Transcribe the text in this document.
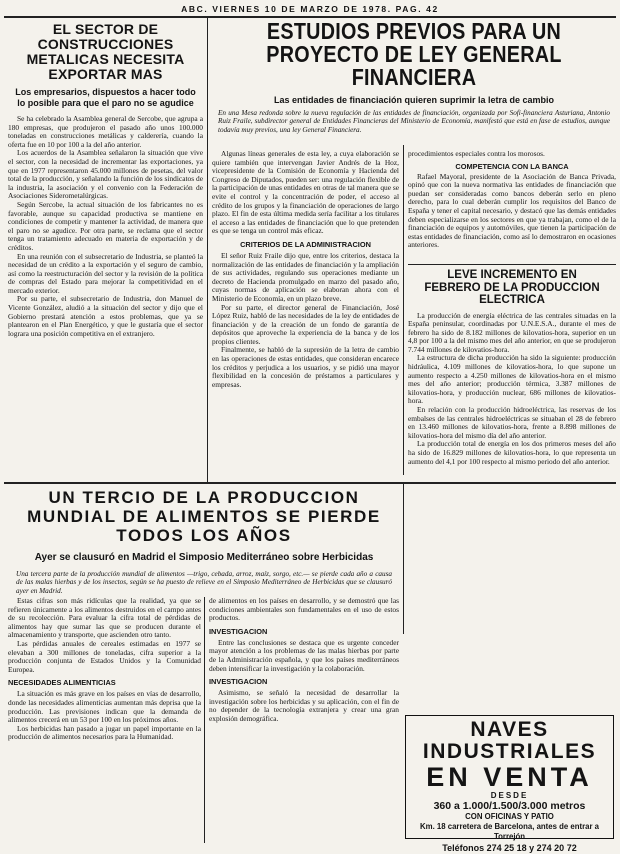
ABC. VIERNES 10 DE MARZO DE 1978. PAG. 42
EL SECTOR DE CONSTRUCCIONES METALICAS NECESITA EXPORTAR MAS
Los empresarios, dispuestos a hacer todo lo posible para que el paro no se agudice

Se ha celebrado la Asamblea general de Sercobe, que agrupa a 180 empresas, que produjeron el pasado año unos 100.000 toneladas en construcciones metálicas y calderería, cuando la oferta fue en 10 por 100 a la del año anterior.

Los acuerdos de la Asamblea señalaron la situación que vive el sector, con la necesidad de incrementar las exportaciones, ya que en 1977 representaron 45.000 millones de pesetas, del valor total de la producción, y señalando la función de los sindicatos de la industria, la asociación y el convenio con la Federación de Asociaciones Siderometalúrgicas.

Según Sercobe, la actual situación de los fabricantes no es favorable, aunque su capacidad productiva se mantiene en condiciones de competir y mantener la actividad, de manera que el paro no se agudice. Por otra parte, se reclama que el sector tenga un tratamiento adecuado en materia de exportación y de créditos.

En una reunión con el subsecretario de Industria, se planteó la necesidad de un crédito a la exportación y el seguro de cambio, así como la reestructuración del sector y la revisión de la política de compras del Estado para mejorar la competitividad en el mercado exterior.

Por su parte, el subsecretario de Industria, don Manuel de Vicente González, aludió a la situación del sector y dijo que el Gobierno prestará atención a estos problemas, que ya se plantearon en el Plan Energético, y que le gustaría que el sector lograra una posición competitiva en el extranjero.

ESTUDIOS PREVIOS PARA UN PROYECTO DE LEY GENERAL FINANCIERA
Las entidades de financiación quieren suprimir la letra de cambio

En una Mesa redonda sobre la nueva regulación de las entidades de financiación, organizada por Sofi-financiera Asturiana, Antonio Ruiz Fraile, subdirector general de Entidades Financieras del Ministerio de Economía, manifestó que está en fase de estudios, aunque todavía muy previos, una ley General Financiera.

Algunas líneas generales de esta ley, a cuya elaboración se quiere también que intervengan Javier Andrés de la Hoz, vicepresidente de la Comisión de Economía y Hacienda del Congreso de Diputados, pueden ser: una regulación flexible de la participación de unas entidades en otras de tal manera que se evite el control y la concentración de poder, el acceso al crédito de los grupos y la financiación de operaciones de largo plazo. El fin de esta última medida sería facilitar a los titulares el acceso a las entidades de financiación que lo que pretenden es que se tenga un control más eficaz.

CRITERIOS DE LA ADMINISTRACION

El señor Ruiz Fraile dijo que, entre los criterios, destaca la normalización de las entidades de financiación y la ampliación de sus actividades, regulando sus operaciones mediante un decreto de Hacienda promulgado en marzo del pasado año, cuyas normas de aplicación se elaboran ahora con el Ministerio de Economía, en un plazo breve.

Por su parte, el director general de Financiación, José López Ruiz, habló de las necesidades de la ley de entidades de financiación y de la creación de un fondo de garantía de depósitos que aproveche la experiencia de la banca y de los propios clientes.

Finalmente, se habló de la supresión de la letra de cambio en las operaciones de estas entidades, que consideran encarece los créditos y perjudica a los usuarios, y se pidió una mayor flexibilidad en la concesión de préstamos a particulares y empresas.

procedimientos especiales contra los morosos.

COMPETENCIA CON LA BANCA

Rafael Mayoral, presidente de la Asociación de Banca Privada, opinó que con la nueva normativa las entidades de financiación que puedan ser consideradas como bancos deberán serlo en pleno derecho, para lo cual deberán cumplir los requisitos del Banco de España y tener el capital necesario, y destacó que las demás entidades deben especializarse en los sectores en que ya trabajan, como el de la financiación de equipos y automóviles, que tienen la participación de estas entidades de financiación, como así lo demostraron en ocasiones anteriores.

LEVE INCREMENTO EN FEBRERO DE LA PRODUCCION ELECTRICA

La producción de energía eléctrica de las centrales situadas en la España peninsular, coordinadas por U.N.E.S.A., durante el mes de febrero ha sido de 8.182 millones de kilovatios-hora, superior en un 4,8 por 100 a la del mismo mes del año anterior, en que se produjeron 7.744 millones de kilovatios-hora.

La estructura de dicha producción ha sido la siguiente: producción hidráulica, 4.109 millones de kilovatios-hora, lo que supone un aumento respecto a 4.250 millones de kilovatios-hora en el mismo mes del año anterior; producción térmica, 3.387 millones de kilovatios-hora, y producción nuclear, 686 millones de kilovatios-hora.

En relación con la producción hidroeléctrica, las reservas de los embalses de las centrales hidroeléctricas se situaban el 28 de febrero en 13.460 millones de kilovatios-hora, frente a 8.898 millones de kilovatios-hora del mismo día del año anterior.

La producción total de energía en los dos primeros meses del año ha sido de 16.829 millones de kilovatios-hora, lo que representa un aumento del 4,1 por 100 respecto al mismo periodo del año anterior.

UN TERCIO DE LA PRODUCCION MUNDIAL DE ALIMENTOS SE PIERDE TODOS LOS AÑOS
Ayer se clausuró en Madrid el Simposio Mediterráneo sobre Herbicidas

Una tercera parte de la producción mundial de alimentos —trigo, cebada, arroz, maíz, sorgo, etc.— se pierde cada año a causa de las malas hierbas y de los insectos, según se ha puesto de relieve en el Simposio Mediterráneo de Herbicidas que se clausuró ayer en Madrid.

Estas cifras son más ridículas que la realidad, ya que se refieren únicamente a los alimentos destruidos en el campo antes de su recolección. Para evaluar la cifra total de pérdidas de alimentos hay que sumar las que se producen durante el almacenamiento y transporte, que ascienden otro tanto.

Las pérdidas anuales de cereales estimadas en 1977 se elevaban a 300 millones de toneladas, cifra superior a la producción conjunta de Estados Unidos y la Comunidad Europea.

NECESIDADES ALIMENTICIAS

La situación es más grave en los países en vías de desarrollo, donde las necesidades alimenticias aumentan más deprisa que la producción. Las previsiones indican que la demanda de alimentos crecerá en un 53 por 100 en los próximos años.

Los herbicidas han pasado a jugar un papel importante en la producción de alimentos necesarios para la Humanidad.

de alimentos en los países en desarrollo, y se demostró que las condiciones ambientales son fundamentales en el uso de estos productos.

INVESTIGACION

Entre las conclusiones se destaca que es urgente conceder mayor atención a los problemas de las malas hierbas por parte de la Administración española, y que los países mediterráneos deben intensificar la investigación y la colaboración.

INVESTIGACION

Asimismo, se señaló la necesidad de desarrollar la investigación sobre los herbicidas y su aplicación, con el fin de no depender de la tecnología extranjera y crear una gran explosión demográfica.	NAVES INDUSTRIALES
EN VENTA
DESDE
360 a 1.000/1.500/3.000 metros
CON OFICINAS Y PATIO
Km. 18 carretera de Barcelona, antes de entrar a Torrejón
Teléfonos 274 25 18 y 274 20 72
